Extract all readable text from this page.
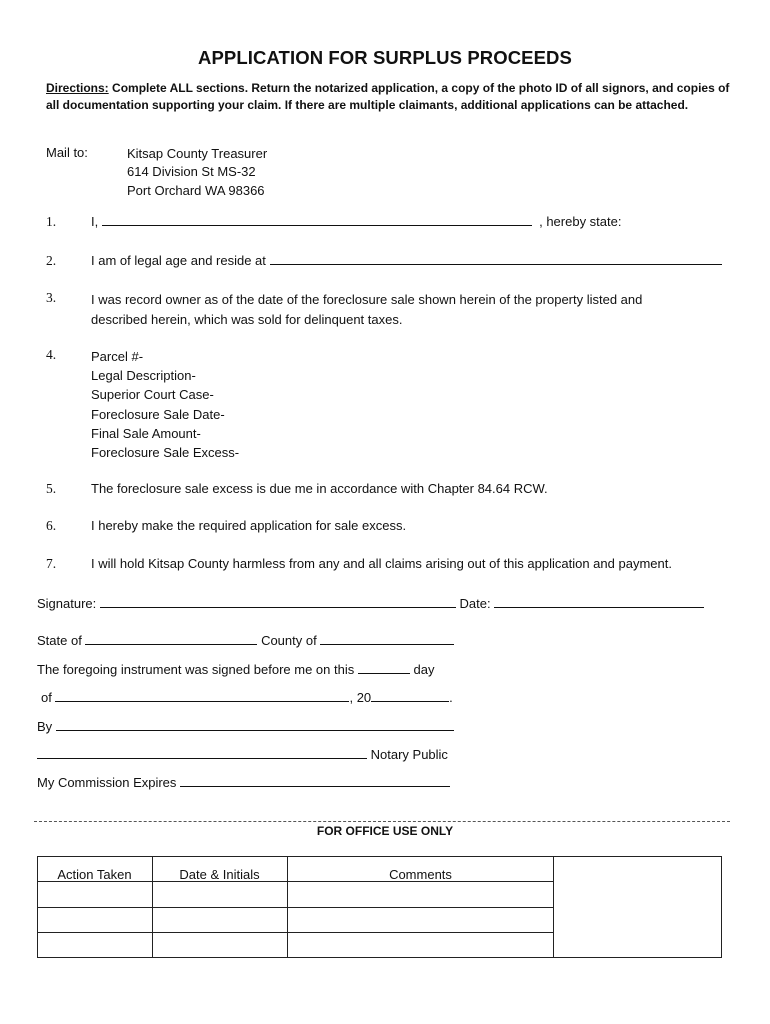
APPLICATION FOR SURPLUS PROCEEDS
Directions: Complete ALL sections. Return the notarized application, a copy of the photo ID of all signors, and copies of all documentation supporting your claim. If there are multiple claimants, additional applications can be attached.
Mail to:	Kitsap County Treasurer
614 Division St MS-32
Port Orchard WA 98366
1.	I,	, hereby state:
2.	I am of legal age and reside at
3.	I was record owner as of the date of the foreclosure sale shown herein of the property listed and described herein, which was sold for delinquent taxes.
4.	Parcel #-
Legal Description-
Superior Court Case-
Foreclosure Sale Date-
Final Sale Amount-
Foreclosure Sale Excess-
5.	The foreclosure sale excess is due me in accordance with Chapter 84.64 RCW.
6.	I hereby make the required application for sale excess.
7.	I will hold Kitsap County harmless from any and all claims arising out of this application and payment.
Signature:	Date:
State of	County of
The foregoing instrument was signed before me on this	day
of	, 20	.
By
Notary Public
My Commission Expires
FOR OFFICE USE ONLY
Action Taken	Date & Initials	Comments
